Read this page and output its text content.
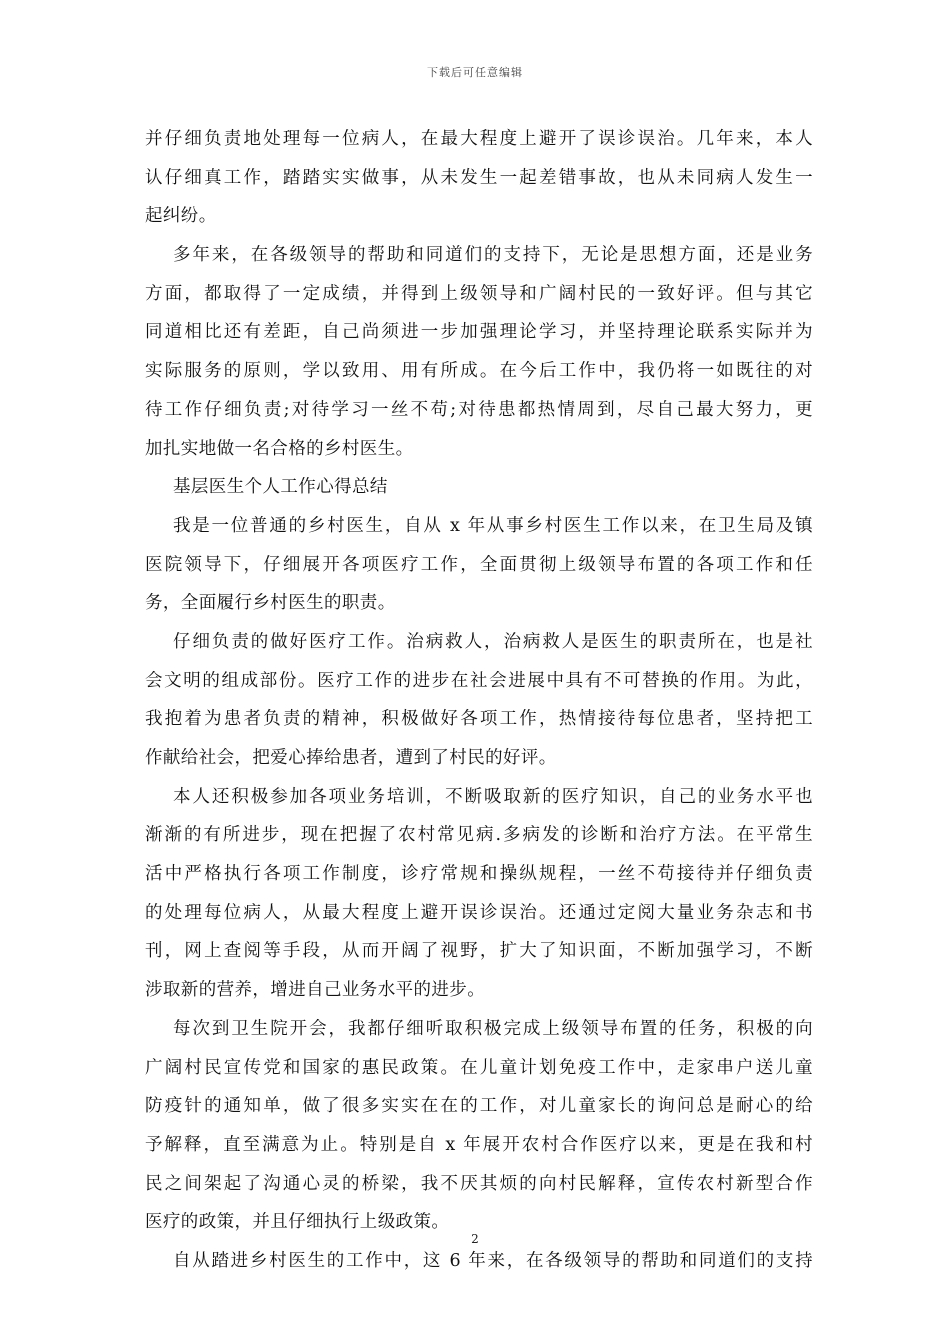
下载后可任意编辑
并仔细负责地处理每一位病人，在最大程度上避开了误诊误治。几年来，本人
认仔细真工作，踏踏实实做事，从未发生一起差错事故，也从未同病人发生一
起纠纷。
多年来，在各级领导的帮助和同道们的支持下，无论是思想方面，还是业务
方面，都取得了一定成绩，并得到上级领导和广阔村民的一致好评。但与其它
同道相比还有差距，自己尚须进一步加强理论学习，并坚持理论联系实际并为
实际服务的原则，学以致用、用有所成。在今后工作中，我仍将一如既往的对
待工作仔细负责;对待学习一丝不苟;对待患都热情周到，尽自己最大努力，更
加扎实地做一名合格的乡村医生。
基层医生个人工作心得总结
我是一位普通的乡村医生，自从 x 年从事乡村医生工作以来，在卫生局及镇
医院领导下，仔细展开各项医疗工作，全面贯彻上级领导布置的各项工作和任
务，全面履行乡村医生的职责。
仔细负责的做好医疗工作。治病救人，治病救人是医生的职责所在，也是社
会文明的组成部份。医疗工作的进步在社会进展中具有不可替换的作用。为此，
我抱着为患者负责的精神，积极做好各项工作，热情接待每位患者，坚持把工
作献给社会，把爱心捧给患者，遭到了村民的好评。
本人还积极参加各项业务培训，不断吸取新的医疗知识，自己的业务水平也
渐渐的有所进步，现在把握了农村常见病.多病发的诊断和治疗方法。在平常生
活中严格执行各项工作制度，诊疗常规和操纵规程，一丝不苟接待并仔细负责
的处理每位病人，从最大程度上避开误诊误治。还通过定阅大量业务杂志和书
刊，网上查阅等手段，从而开阔了视野，扩大了知识面，不断加强学习，不断
涉取新的营养，增进自己业务水平的进步。
每次到卫生院开会，我都仔细听取积极完成上级领导布置的任务，积极的向
广阔村民宣传党和国家的惠民政策。在儿童计划免疫工作中，走家串户送儿童
防疫针的通知单，做了很多实实在在的工作，对儿童家长的询问总是耐心的给
予解释，直至满意为止。特别是自 x 年展开农村合作医疗以来，更是在我和村
民之间架起了沟通心灵的桥梁，我不厌其烦的向村民解释，宣传农村新型合作
医疗的政策，并且仔细执行上级政策。
自从踏进乡村医生的工作中，这 6 年来，在各级领导的帮助和同道们的支持
2
